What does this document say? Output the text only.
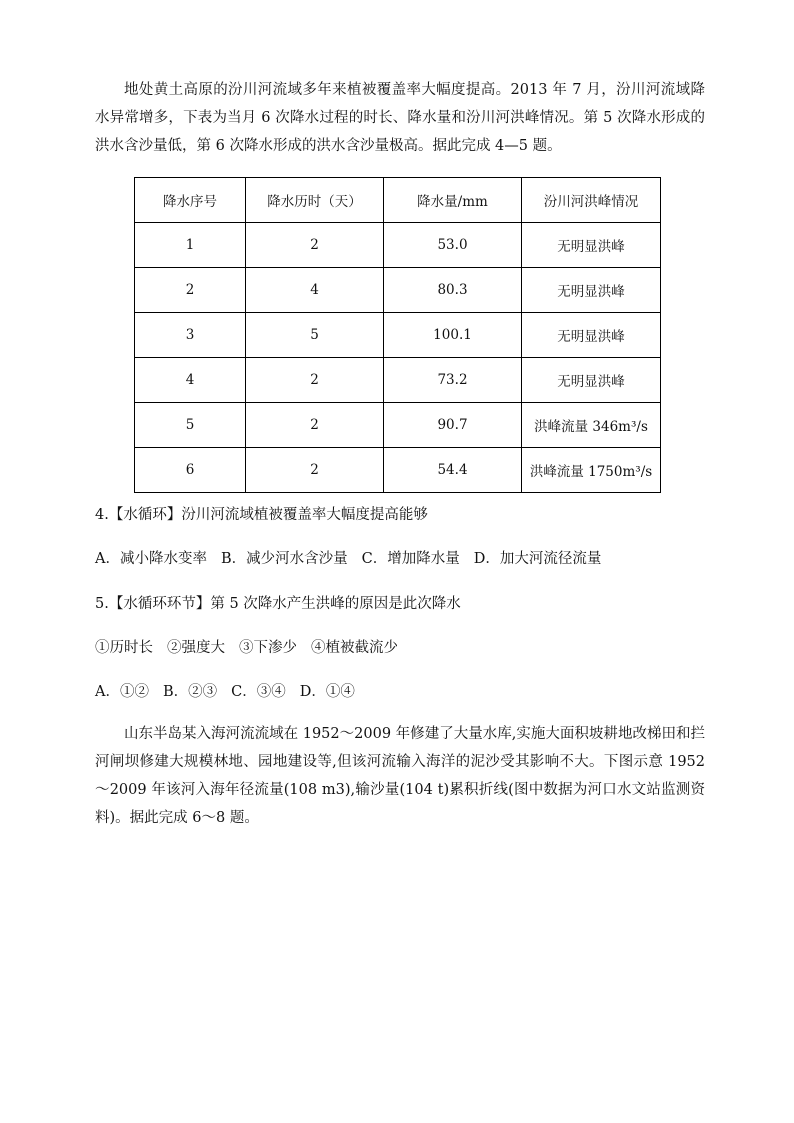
地处黄土高原的汾川河流域多年来植被覆盖率大幅度提高。2013 年 7 月，汾川河流域降水异常增多，下表为当月 6 次降水过程的时长、降水量和汾川河洪峰情况。第 5 次降水形成的洪水含沙量低，第 6 次降水形成的洪水含沙量极高。据此完成 4—5 题。

降水序号	降水历时（天）	降水量/mm	汾川河洪峰情况
1	2	53.0	无明显洪峰
2	4	80.3	无明显洪峰
3	5	100.1	无明显洪峰
4	2	73.2	无明显洪峰
5	2	90.7	洪峰流量 346m³/s
6	2	54.4	洪峰流量 1750m³/s

4.【水循环】汾川河流域植被覆盖率大幅度提高能够

A．减小降水变率 B．减少河水含沙量 C．增加降水量 D．加大河流径流量

5.【水循环环节】第 5 次降水产生洪峰的原因是此次降水

①历时长 ②强度大 ③下渗少 ④植被截流少

A．①② B．②③ C．③④ D．①④

山东半岛某入海河流流域在 1952～2009 年修建了大量水库,实施大面积坡耕地改梯田和拦河闸坝修建大规模林地、园地建设等,但该河流输入海洋的泥沙受其影响不大。下图示意 1952～2009 年该河入海年径流量(108 m3),输沙量(104 t)累积折线(图中数据为河口水文站监测资料)。据此完成 6～8 题。
